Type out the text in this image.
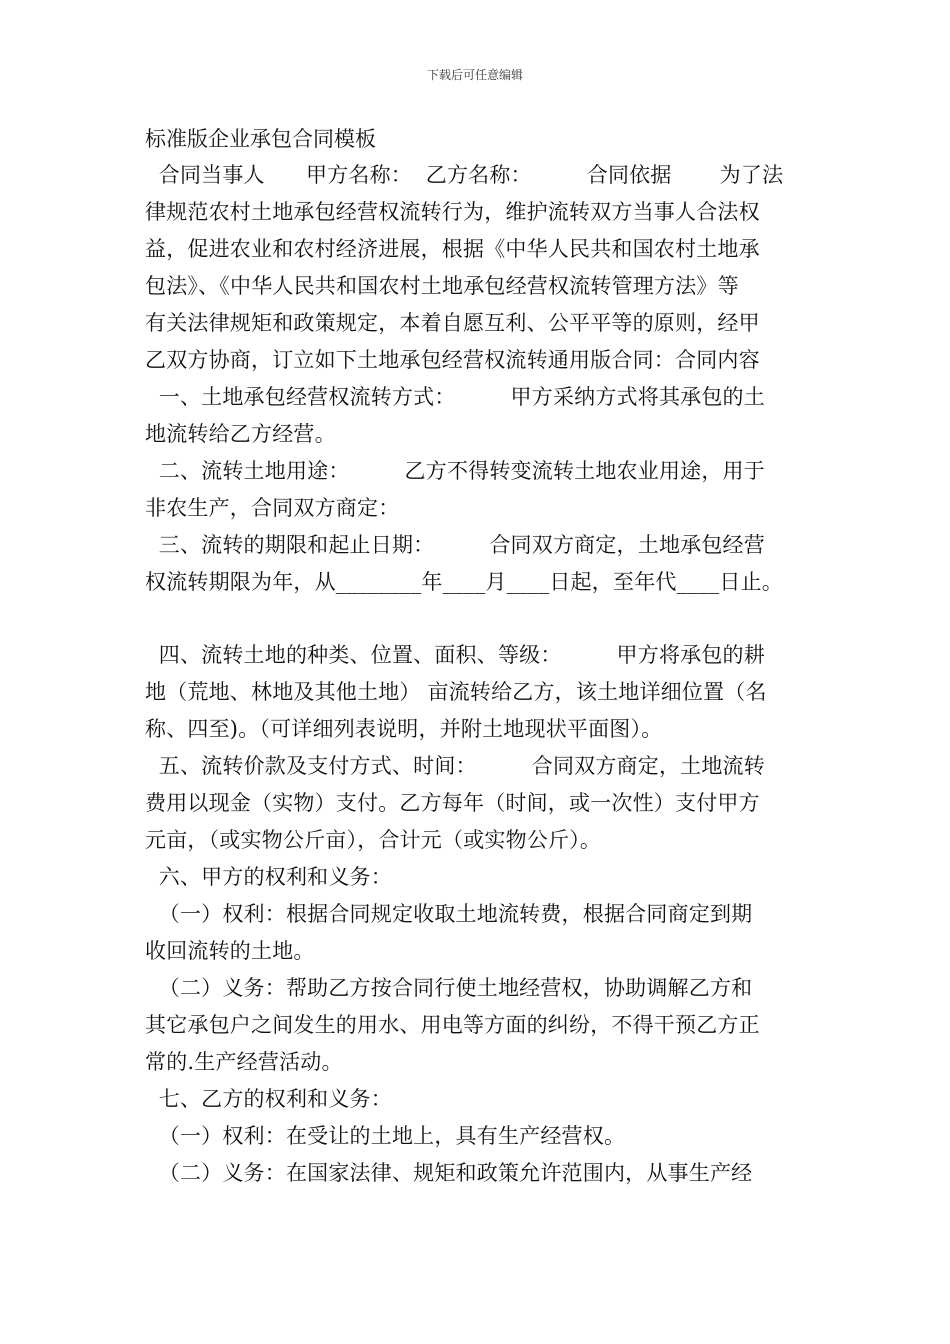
下载后可任意编辑
标准版企业承包合同模板
合同当事人      甲方名称：  乙方名称：        合同依据       为了法
律规范农村土地承包经营权流转行为，维护流转双方当事人合法权
益，促进农业和农村经济进展，根据《中华人民共和国农村土地承
包法》、《中华人民共和国农村土地承包经营权流转管理方法》等
有关法律规矩和政策规定，本着自愿互利、公平平等的原则，经甲
乙双方协商，订立如下土地承包经营权流转通用版合同：合同内容
一、土地承包经营权流转方式：        甲方采纳方式将其承包的土
地流转给乙方经营。
二、流转土地用途：        乙方不得转变流转土地农业用途，用于
非农生产，合同双方商定：
三、流转的期限和起止日期：        合同双方商定，土地承包经营
权流转期限为年，从________年____月____日起，至年代____日止。
四、流转土地的种类、位置、面积、等级：        甲方将承包的耕
地（荒地、林地及其他土地） 亩流转给乙方，该土地详细位置（名
称、四至)。（可详细列表说明，并附土地现状平面图）。
五、流转价款及支付方式、时间：        合同双方商定，土地流转
费用以现金（实物）支付。乙方每年（时间，或一次性）支付甲方
元亩，（或实物公斤亩），合计元（或实物公斤）。
六、甲方的权利和义务：
（一）权利：根据合同规定收取土地流转费，根据合同商定到期
收回流转的土地。
（二）义务：帮助乙方按合同行使土地经营权，协助调解乙方和
其它承包户之间发生的用水、用电等方面的纠纷，不得干预乙方正
常的.生产经营活动。
七、乙方的权利和义务：
（一）权利：在受让的土地上，具有生产经营权。
（二）义务：在国家法律、规矩和政策允许范围内，从事生产经
